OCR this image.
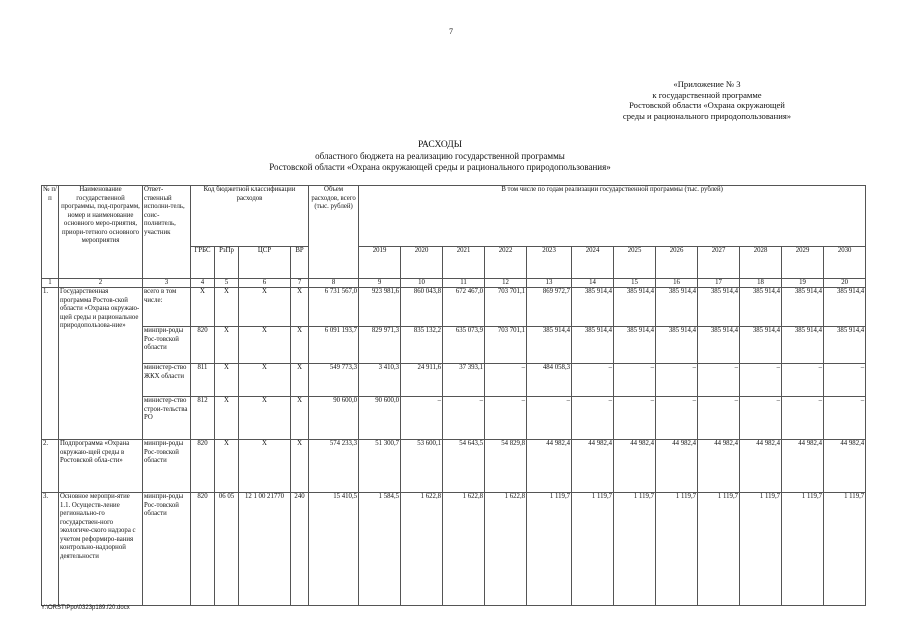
7
«Приложение № 3
к государственной программе
Ростовской области «Охрана окружающей
среды и рационального природопользования»
РАСХОДЫ
областного бюджета на реализацию государственной программы
Ростовской области «Охрана окружающей среды и рационального природопользования»
№ п/п	Наименование государственной программы, под-программ, номер и наименование основного меро-приятия, приори-тетного основного мероприятия	Ответ-ственный исполни-тель, соис-полнитель, участник	Код бюджетной классификации расходов				Объем расходов, всего (тыс. рублей)	В том числе по годам реализации государственной программы (тыс. рублей)											
			ГРБС	РзПр	ЦСР	ВР		2019	2020	2021	2022	2023	2024	2025	2026	2027	2028	2029	2030
1	2	3	4	5	6	7	8	9	10	11	12	13	14	15	16	17	18	19	20
1.	Государственная программа Ростов-ской области «Охрана окружаю-щей среды и рациональное природопользова-ние»	всего в том числе:	X	X	X	X	6 731 567,0	923 981,6	860 043,8	672 467,0	703 701,1	869 972,7	385 914,4	385 914,4	385 914,4	385 914,4	385 914,4	385 914,4	385 914,4
		минпри-роды Рос-товской области	820	X	X	X	6 091 193,7	829 971,3	835 132,2	635 073,9	703 701,1	385 914,4	385 914,4	385 914,4	385 914,4	385 914,4	385 914,4	385 914,4	385 914,4
		министер-ство ЖКХ области	811	X	X	X	549 773,3	3 410,3	24 911,6	37 393,1	–	484 058,3	–	–	–	–	–	–	–
		министер-ство строи-тельства РО	812	X	X	X	90 600,0	90 600,0	–	–	–	–	–	–	–	–	–	–	–
2.	Подпрограмма «Охрана окружаю-щей среды в Ростовской обла-сти»	минпри-роды Рос-товской области	820	X	X	X	574 233,3	51 300,7	53 600,1	54 643,5	54 829,8	44 982,4	44 982,4	44 982,4	44 982,4	44 982,4	44 982,4	44 982,4	44 982,4
3.	Основное меропри-ятие 1.1. Осуществ-ление регионально-го государствен-ного экологиче-ского надзора с учетом реформиро-вания контрольно-надзорной деятельности	минпри-роды Рос-товской области	820	06 05	12 1 00 21770	240	15 410,5	1 584,5	1 622,8	1 622,8	1 622,8	1 119,7	1 119,7	1 119,7	1 119,7	1 119,7	1 119,7	1 119,7	1 119,7
Y:\ORST\Ppo\0323p189.f20.docx
